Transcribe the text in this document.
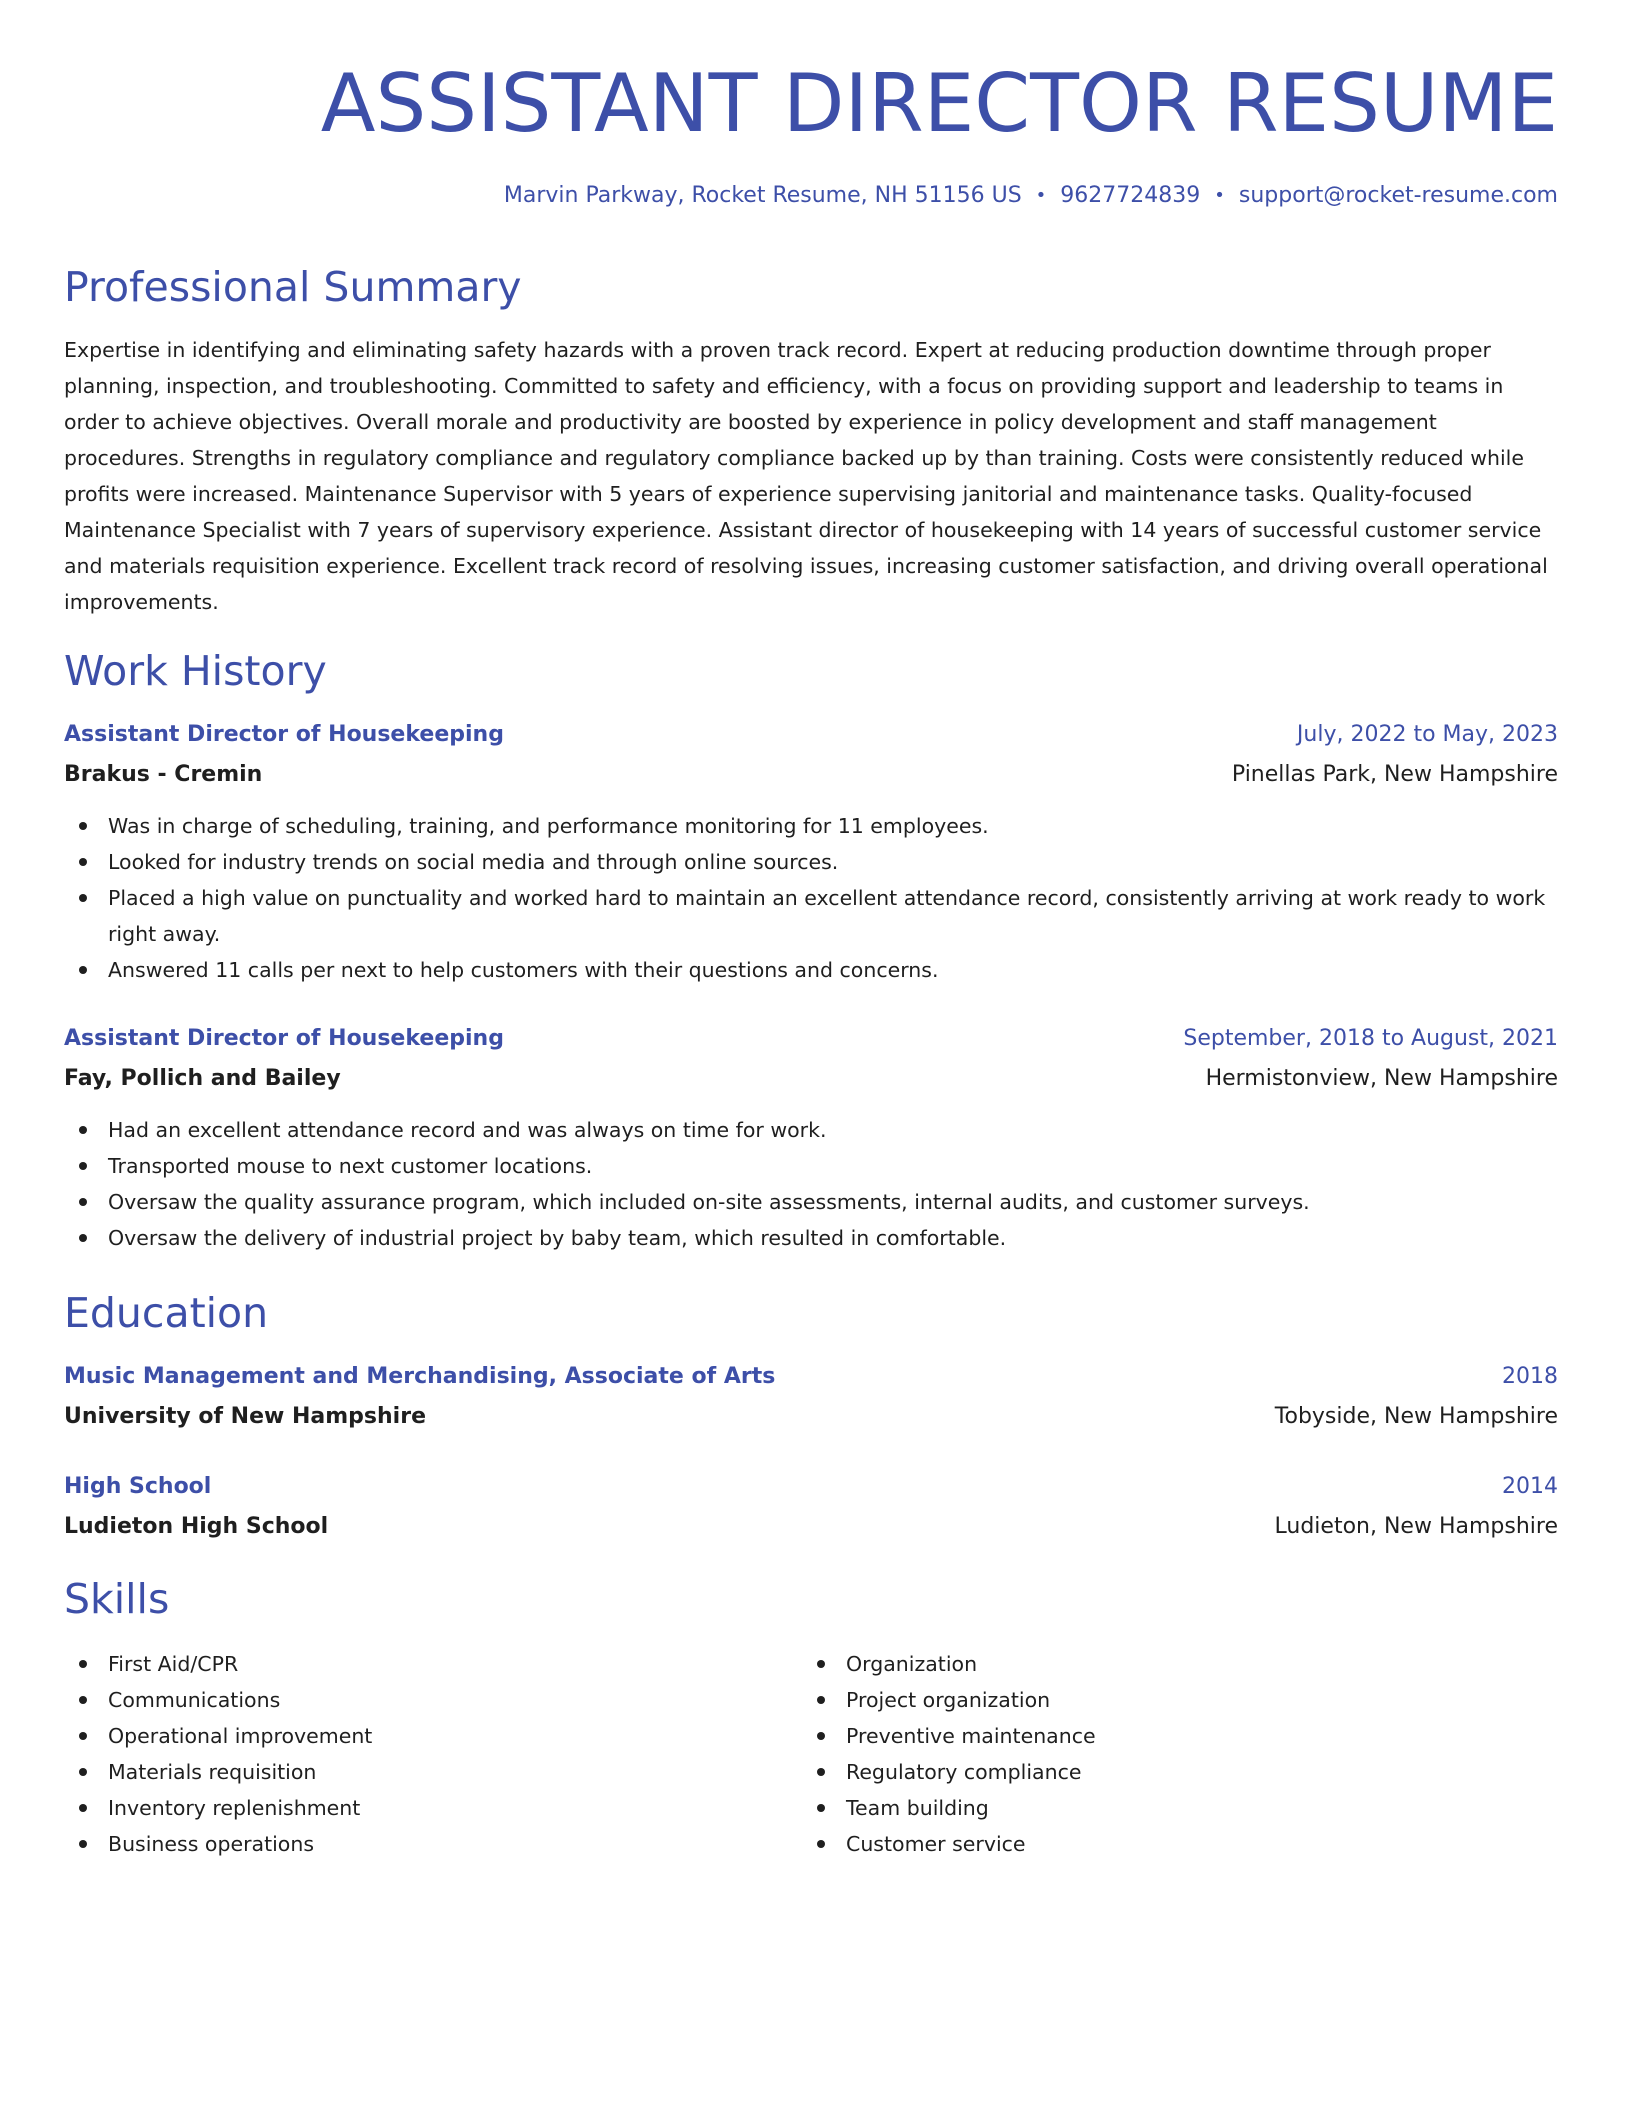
ASSISTANT DIRECTOR RESUME
Marvin Parkway, Rocket Resume, NH 51156 US • 9627724839 • support@rocket-resume.com
Professional Summary

Expertise in identifying and eliminating safety hazards with a proven track record. Expert at reducing production downtime through proper planning, inspection, and troubleshooting. Committed to safety and efficiency, with a focus on providing support and leadership to teams in order to achieve objectives. Overall morale and productivity are boosted by experience in policy development and staff management procedures. Strengths in regulatory compliance and regulatory compliance backed up by than training. Costs were consistently reduced while profits were increased. Maintenance Supervisor with 5 years of experience supervising janitorial and maintenance tasks. Quality-focused Maintenance Specialist with 7 years of supervisory experience. Assistant director of housekeeping with 14 years of successful customer service and materials requisition experience. Excellent track record of resolving issues, increasing customer satisfaction, and driving overall operational improvements.

Work History
Assistant Director of Housekeeping	July, 2022 to May, 2023
Brakus - Cremin	Pinellas Park, New Hampshire
Was in charge of scheduling, training, and performance monitoring for 11 employees.
Looked for industry trends on social media and through online sources.
Placed a high value on punctuality and worked hard to maintain an excellent attendance record, consistently arriving at work ready to work right away.
Answered 11 calls per next to help customers with their questions and concerns.
Assistant Director of Housekeeping	September, 2018 to August, 2021
Fay, Pollich and Bailey	Hermistonview, New Hampshire
Had an excellent attendance record and was always on time for work.
Transported mouse to next customer locations.
Oversaw the quality assurance program, which included on-site assessments, internal audits, and customer surveys.
Oversaw the delivery of industrial project by baby team, which resulted in comfortable.
Education
Music Management and Merchandising, Associate of Arts	2018
University of New Hampshire	Tobyside, New Hampshire
High School	2014
Ludieton High School	Ludieton, New Hampshire
Skills
First Aid/CPR
Communications
Operational improvement
Materials requisition
Inventory replenishment
Business operations
Organization
Project organization
Preventive maintenance
Regulatory compliance
Team building
Customer service
